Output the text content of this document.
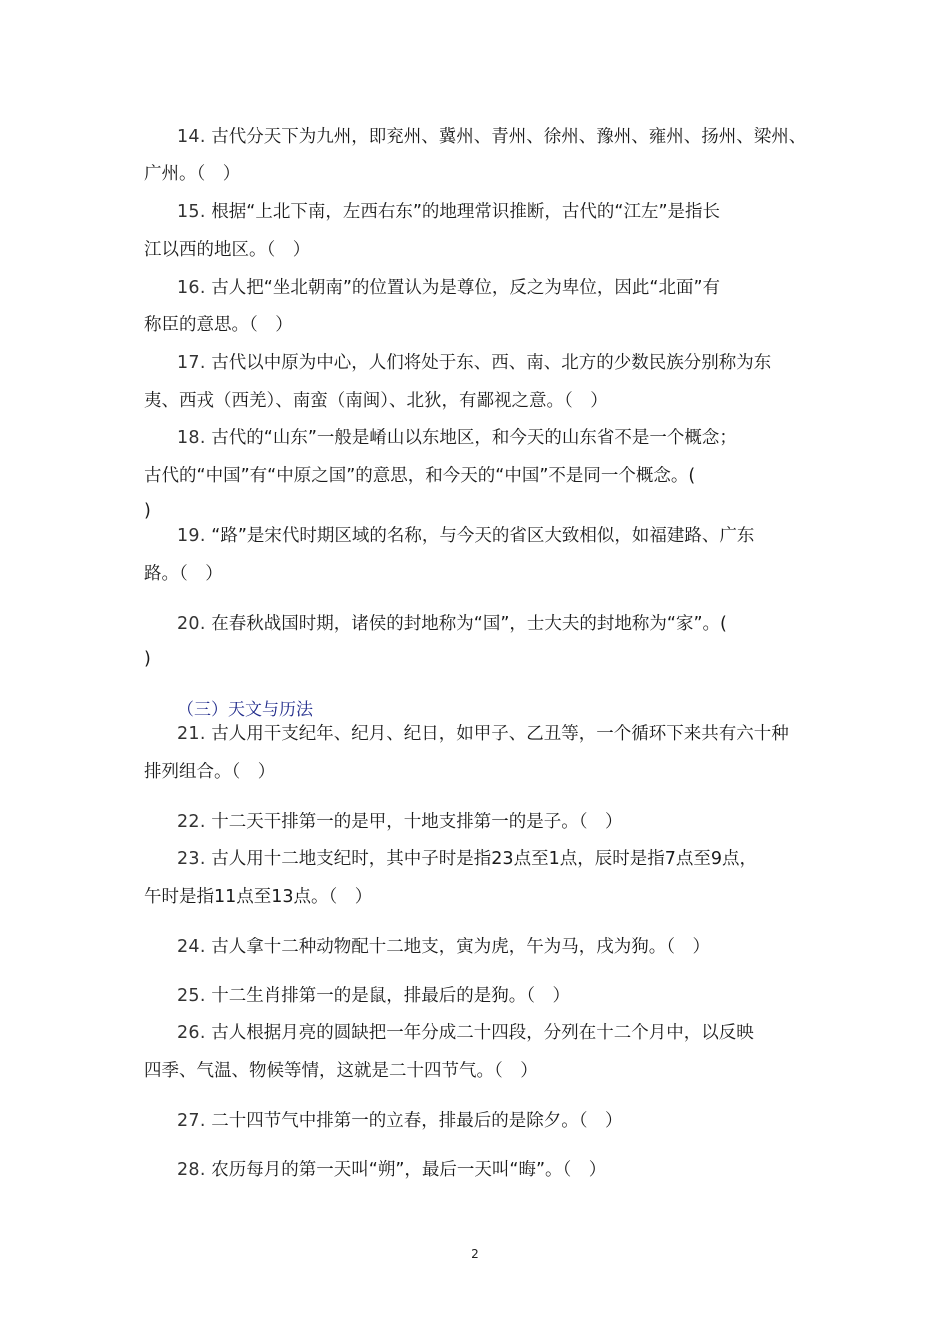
14. 古代分天下为九州，即兖州、冀州、青州、徐州、豫州、雍州、扬州、梁州、
广州。（　）
15. 根据“上北下南，左西右东”的地理常识推断，古代的“江左”是指长
江以西的地区。（　）
16. 古人把“坐北朝南”的位置认为是尊位，反之为卑位，因此“北面”有
称臣的意思。（　）
17. 古代以中原为中心，人们将处于东、西、南、北方的少数民族分别称为东
夷、西戎（西羌）、南蛮（南闽）、北狄，有鄙视之意。（　）
18. 古代的“山东”一般是崤山以东地区，和今天的山东省不是一个概念；
古代的“中国”有“中原之国”的意思，和今天的“中国”不是同一个概念。(
)
19. “路”是宋代时期区域的名称，与今天的省区大致相似，如福建路、广东
路。（　）
20. 在春秋战国时期，诸侯的封地称为“国”，士大夫的封地称为“家”。(
)
（三）天文与历法
21. 古人用干支纪年、纪月、纪日，如甲子、乙丑等，一个循环下来共有六十种
排列组合。（　）
22. 十二天干排第一的是甲，十地支排第一的是子。（　）
23. 古人用十二地支纪时，其中子时是指23点至1点，辰时是指7点至9点，
午时是指11点至13点。（　）
24. 古人拿十二种动物配十二地支，寅为虎，午为马，戌为狗。（　）
25. 十二生肖排第一的是鼠，排最后的是狗。（　）
26. 古人根据月亮的圆缺把一年分成二十四段，分列在十二个月中，以反映
四季、气温、物候等情，这就是二十四节气。（　）
27. 二十四节气中排第一的立春，排最后的是除夕。（　）
28. 农历每月的第一天叫“朔”，最后一天叫“晦”。（　）
2
